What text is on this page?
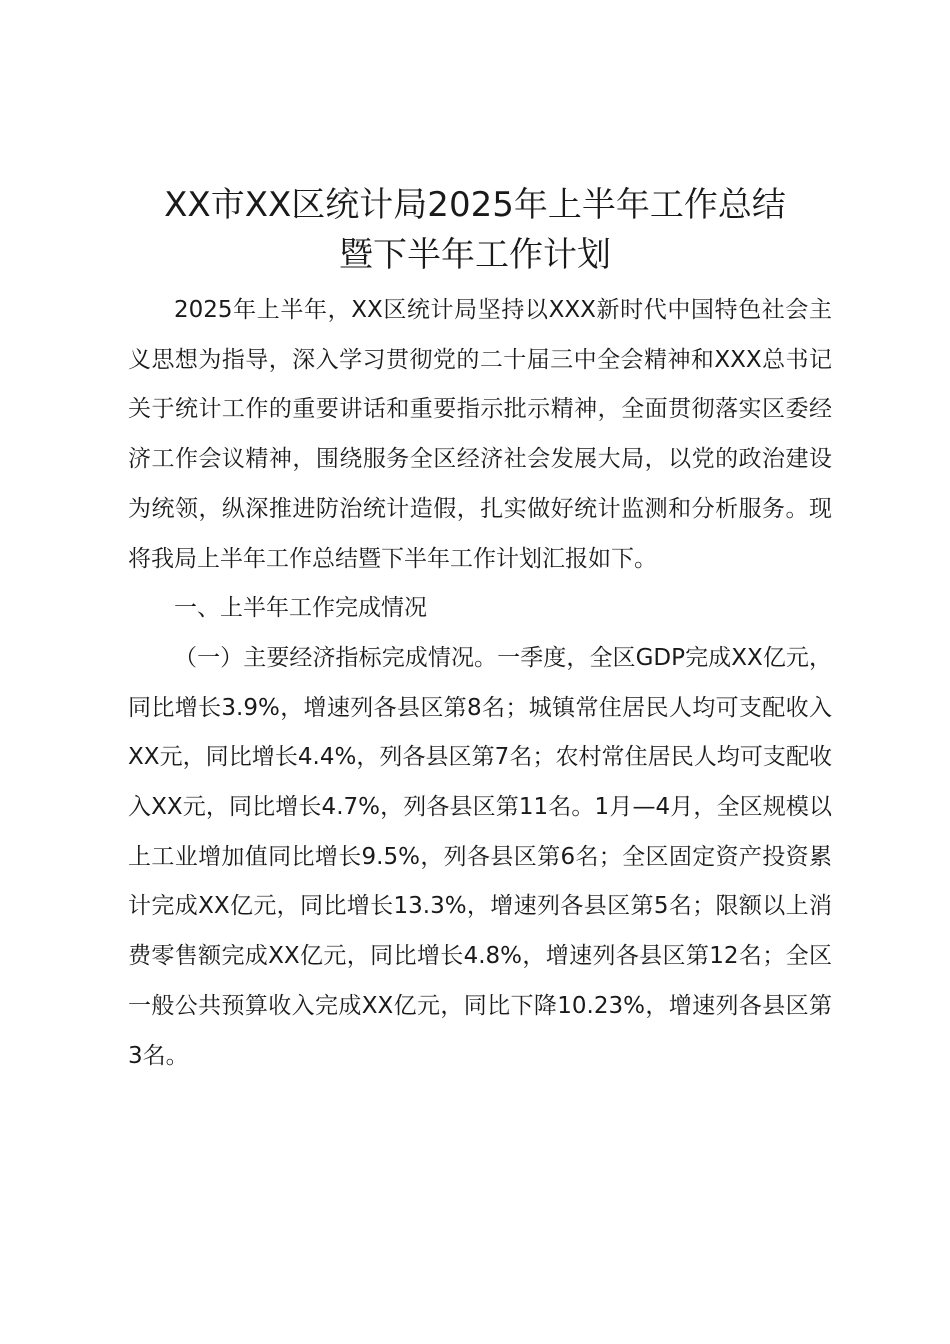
XX市XX区统计局2025年上半年工作总结
暨下半年工作计划

2025年上半年，XX区统计局坚持以XXX新时代中国特色社会主义思想为指导，深入学习贯彻党的二十届三中全会精神和XXX总书记关于统计工作的重要讲话和重要指示批示精神，全面贯彻落实区委经济工作会议精神，围绕服务全区经济社会发展大局，以党的政治建设为统领，纵深推进防治统计造假，扎实做好统计监测和分析服务。现将我局上半年工作总结暨下半年工作计划汇报如下。

一、上半年工作完成情况

（一）主要经济指标完成情况。一季度，全区GDP完成XX亿元，同比增长3.9%，增速列各县区第8名；城镇常住居民人均可支配收入XX元，同比增长4.4%，列各县区第7名；农村常住居民人均可支配收入XX元，同比增长4.7%，列各县区第11名。1月—4月，全区规模以上工业增加值同比增长9.5%，列各县区第6名；全区固定资产投资累计完成XX亿元，同比增长13.3%，增速列各县区第5名；限额以上消费零售额完成XX亿元，同比增长4.8%，增速列各县区第12名；全区一般公共预算收入完成XX亿元，同比下降10.23%，增速列各县区第3名。
